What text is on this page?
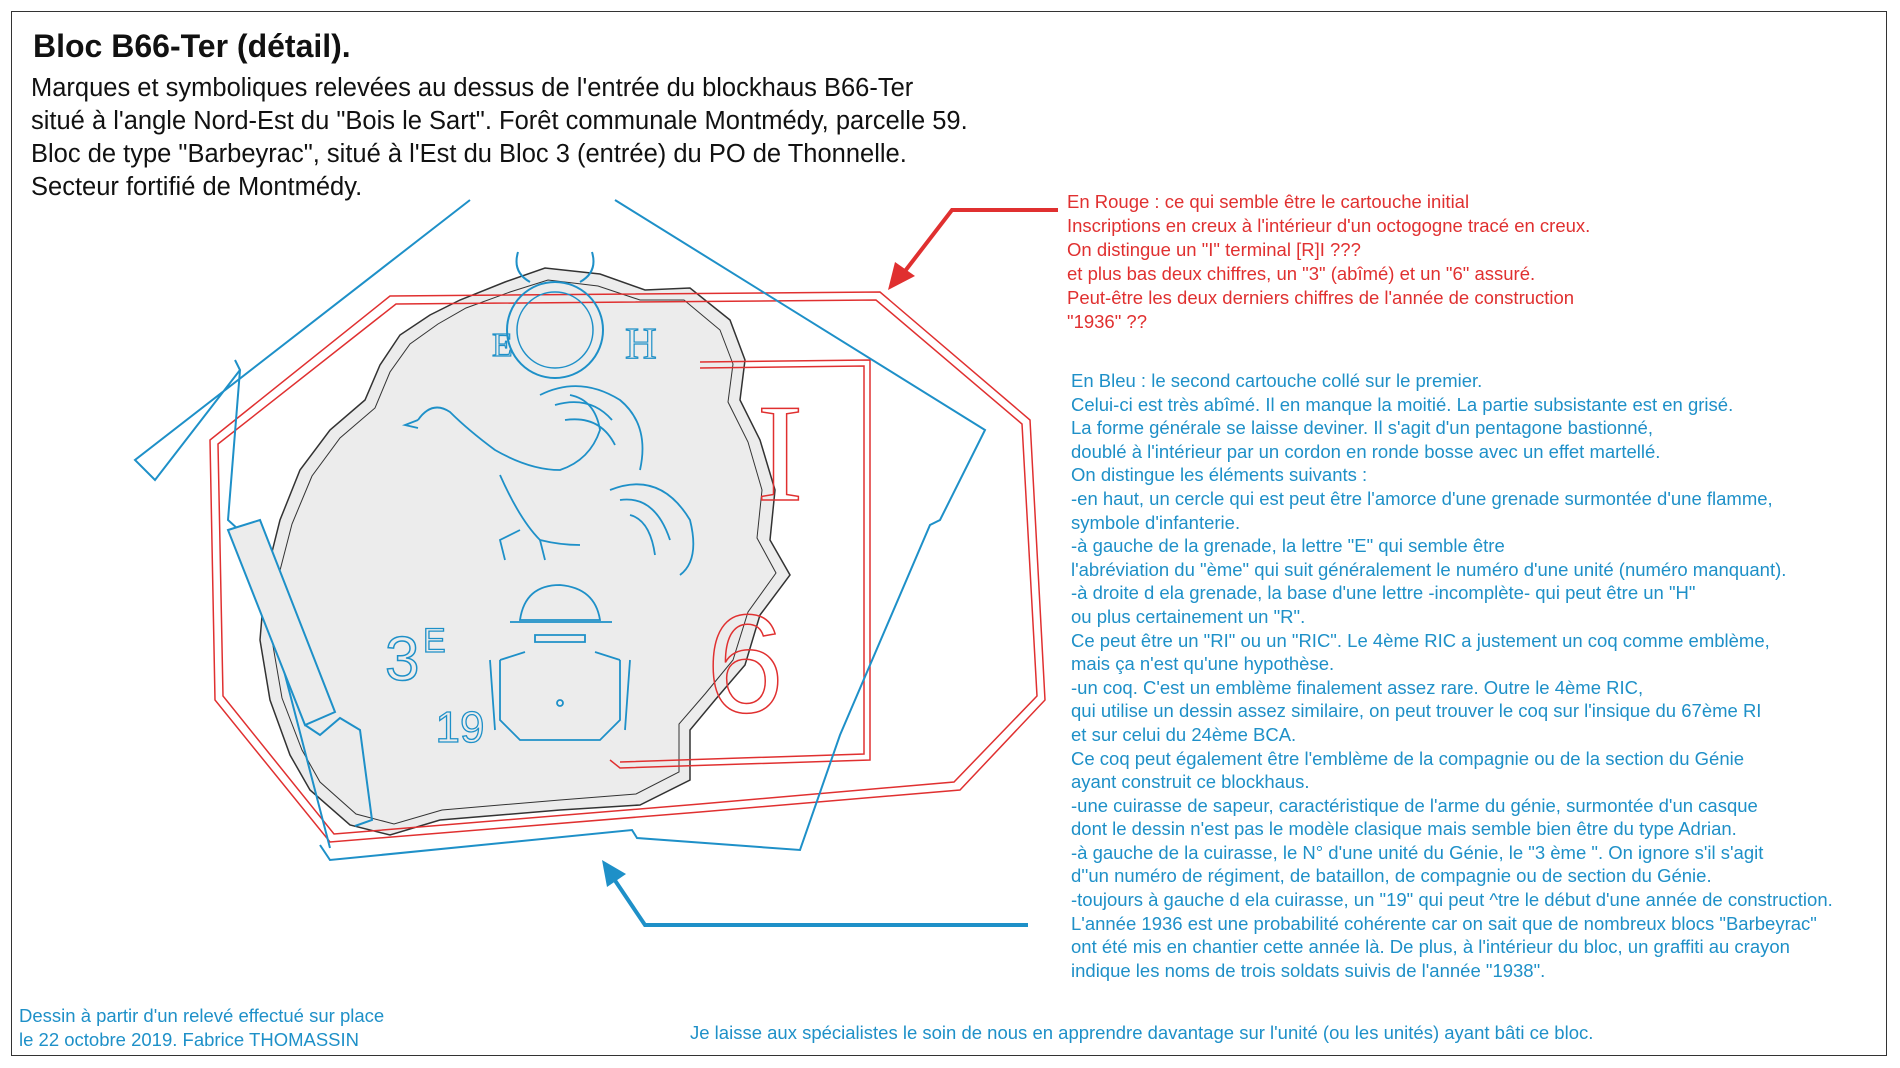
Bloc B66-Ter (détail).
Marques et symboliques relevées au dessus de l'entrée du blockhaus B66-Ter
situé à l'angle Nord-Est du "Bois le Sart". Forêt communale Montmédy, parcelle 59.
Bloc de type "Barbeyrac", situé à l'Est du Bloc 3 (entrée) du PO de Thonnelle.
Secteur fortifié de Montmédy.
I
6
E	H
3 E
19
En Rouge : ce qui semble être le cartouche initial
Inscriptions en creux à l'intérieur d'un octogogne tracé en creux.
On distingue un "I" terminal [R]I ???
et plus bas deux chiffres, un "3" (abîmé) et un "6" assuré.
Peut-être les deux derniers chiffres de l'année de construction
"1936" ??
En Bleu : le second cartouche collé sur le premier.
Celui-ci est très abîmé. Il en manque la moitié. La partie subsistante est en grisé.
La forme générale se laisse deviner. Il s'agit d'un pentagone bastionné,
doublé à l'intérieur par un cordon en ronde bosse avec un effet martellé.
On distingue les éléments suivants :
-en haut, un cercle qui est peut être l'amorce d'une grenade surmontée d'une flamme,
symbole d'infanterie.
-à gauche de la grenade, la lettre "E" qui semble être
l'abréviation du "ème" qui suit généralement le numéro d'une unité (numéro manquant).
-à droite d ela grenade, la base d'une lettre -incomplète- qui peut être un "H"
ou plus certainement un "R".
Ce peut être un "RI" ou un "RIC". Le 4ème RIC a justement un coq comme emblème,
mais ça n'est qu'une hypothèse.
-un coq. C'est un emblème finalement assez rare. Outre le 4ème RIC,
qui utilise un dessin assez similaire, on peut trouver le coq sur l'insique du 67ème RI
et sur celui du 24ème BCA.
Ce coq peut également être l'emblème de la compagnie ou de la section du Génie
ayant construit ce blockhaus.
-une cuirasse de sapeur, caractéristique de l'arme du génie, surmontée d'un casque
dont le dessin n'est pas le modèle clasique mais semble bien être du type Adrian.
-à gauche de la cuirasse, le N° d'une unité du Génie, le "3 ème ". On ignore s'il s'agit
d''un numéro de régiment, de bataillon, de compagnie ou de section du Génie.
-toujours à gauche d ela cuirasse, un "19" qui peut ^tre le début d'une année de construction.
L'année 1936 est une probabilité cohérente car on sait que de nombreux blocs "Barbeyrac"
ont été mis en chantier cette année là. De plus, à l'intérieur du bloc, un graffiti au crayon
indique les noms de trois soldats suivis de l'année "1938".
Dessin à partir d'un relevé effectué sur place
le 22 octobre 2019. Fabrice THOMASSIN	Je laisse aux spécialistes le soin de nous en apprendre davantage sur l'unité (ou les unités) ayant bâti ce bloc.
